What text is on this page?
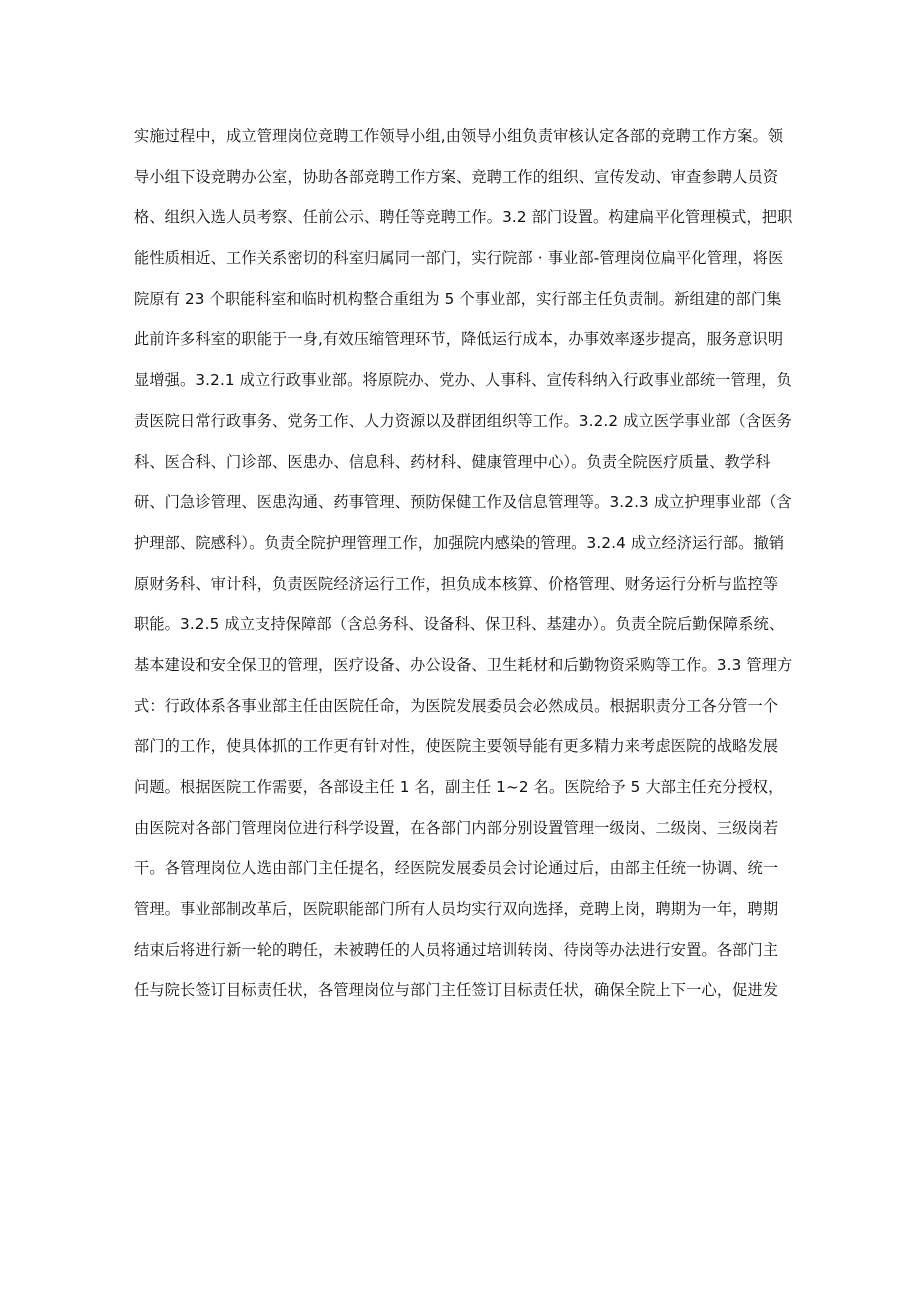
实施过程中，成立管理岗位竞聘工作领导小组,由领导小组负责审核认定各部的竞聘工作方案。领
导小组下设竞聘办公室，协助各部竞聘工作方案、竞聘工作的组织、宣传发动、审查参聘人员资
格、组织入选人员考察、任前公示、聘任等竞聘工作。3.2 部门设置。构建扁平化管理模式，把职
能性质相近、工作关系密切的科室归属同一部门，实行院部 · 事业部-管理岗位扁平化管理，将医
院原有 23 个职能科室和临时机构整合重组为 5 个事业部，实行部主任负责制。新组建的部门集
此前许多科室的职能于一身,有效压缩管理环节，降低运行成本，办事效率逐步提高，服务意识明
显增强。3.2.1 成立行政事业部。将原院办、党办、人事科、宣传科纳入行政事业部统一管理，负
责医院日常行政事务、党务工作、人力资源以及群团组织等工作。3.2.2 成立医学事业部（含医务
科、医合科、门诊部、医患办、信息科、药材科、健康管理中心）。负责全院医疗质量、教学科
研、门急诊管理、医患沟通、药事管理、预防保健工作及信息管理等。3.2.3 成立护理事业部（含
护理部、院感科）。负责全院护理管理工作，加强院内感染的管理。3.2.4 成立经济运行部。撤销
原财务科、审计科，负责医院经济运行工作，担负成本核算、价格管理、财务运行分析与监控等
职能。3.2.5 成立支持保障部（含总务科、设备科、保卫科、基建办）。负责全院后勤保障系统、
基本建设和安全保卫的管理，医疗设备、办公设备、卫生耗材和后勤物资采购等工作。3.3 管理方
式：行政体系各事业部主任由医院任命，为医院发展委员会必然成员。根据职责分工各分管一个
部门的工作，使具体抓的工作更有针对性，使医院主要领导能有更多精力来考虑医院的战略发展
问题。根据医院工作需要，各部设主任 1 名，副主任 1~2 名。医院给予 5 大部主任充分授权，
由医院对各部门管理岗位进行科学设置，在各部门内部分别设置管理一级岗、二级岗、三级岗若
干。各管理岗位人选由部门主任提名，经医院发展委员会讨论通过后，由部主任统一协调、统一
管理。事业部制改革后，医院职能部门所有人员均实行双向选择，竞聘上岗，聘期为一年，聘期
结束后将进行新一轮的聘任，未被聘任的人员将通过培训转岗、待岗等办法进行安置。各部门主
任与院长签订目标责任状，各管理岗位与部门主任签订目标责任状，确保全院上下一心，促进发
